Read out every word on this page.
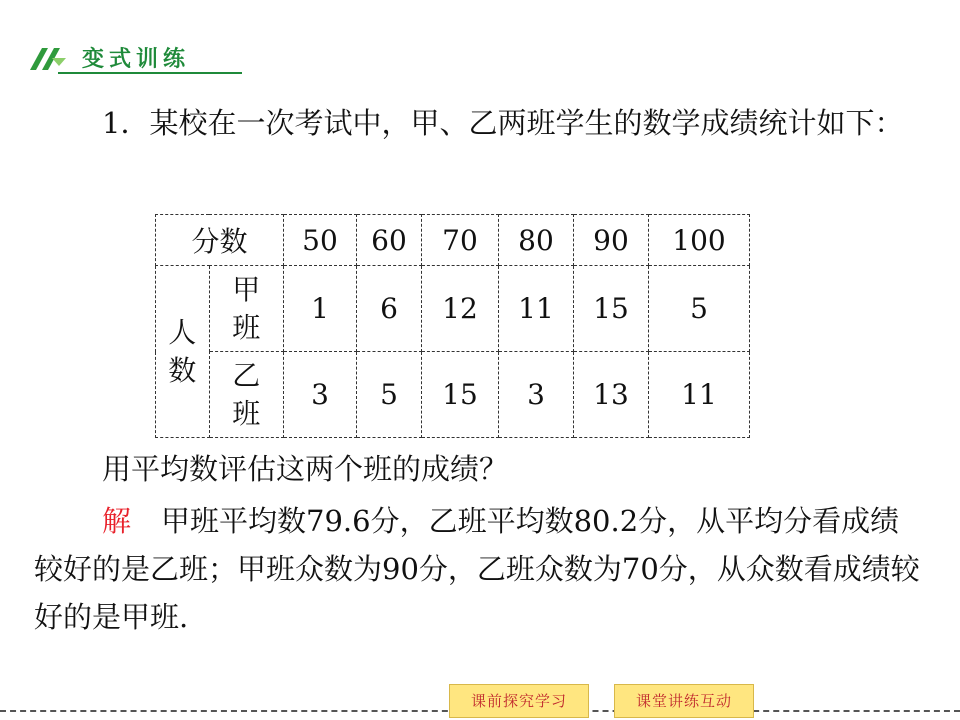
变式训练

1．某校在一次考试中，甲、乙两班学生的数学成绩统计如下：

分数		50	60	70	80	90	100

人数	甲班	1	6	12	11	15	5

	乙班	3	5	15	3	13	11

用平均数评估这两个班的成绩？

解 甲班平均数79.6分，乙班平均数80.2分，从平均分看成绩较好的是乙班；甲班众数为90分，乙班众数为70分，从众数看成绩较好的是甲班.

课前探究学习	课堂讲练互动
